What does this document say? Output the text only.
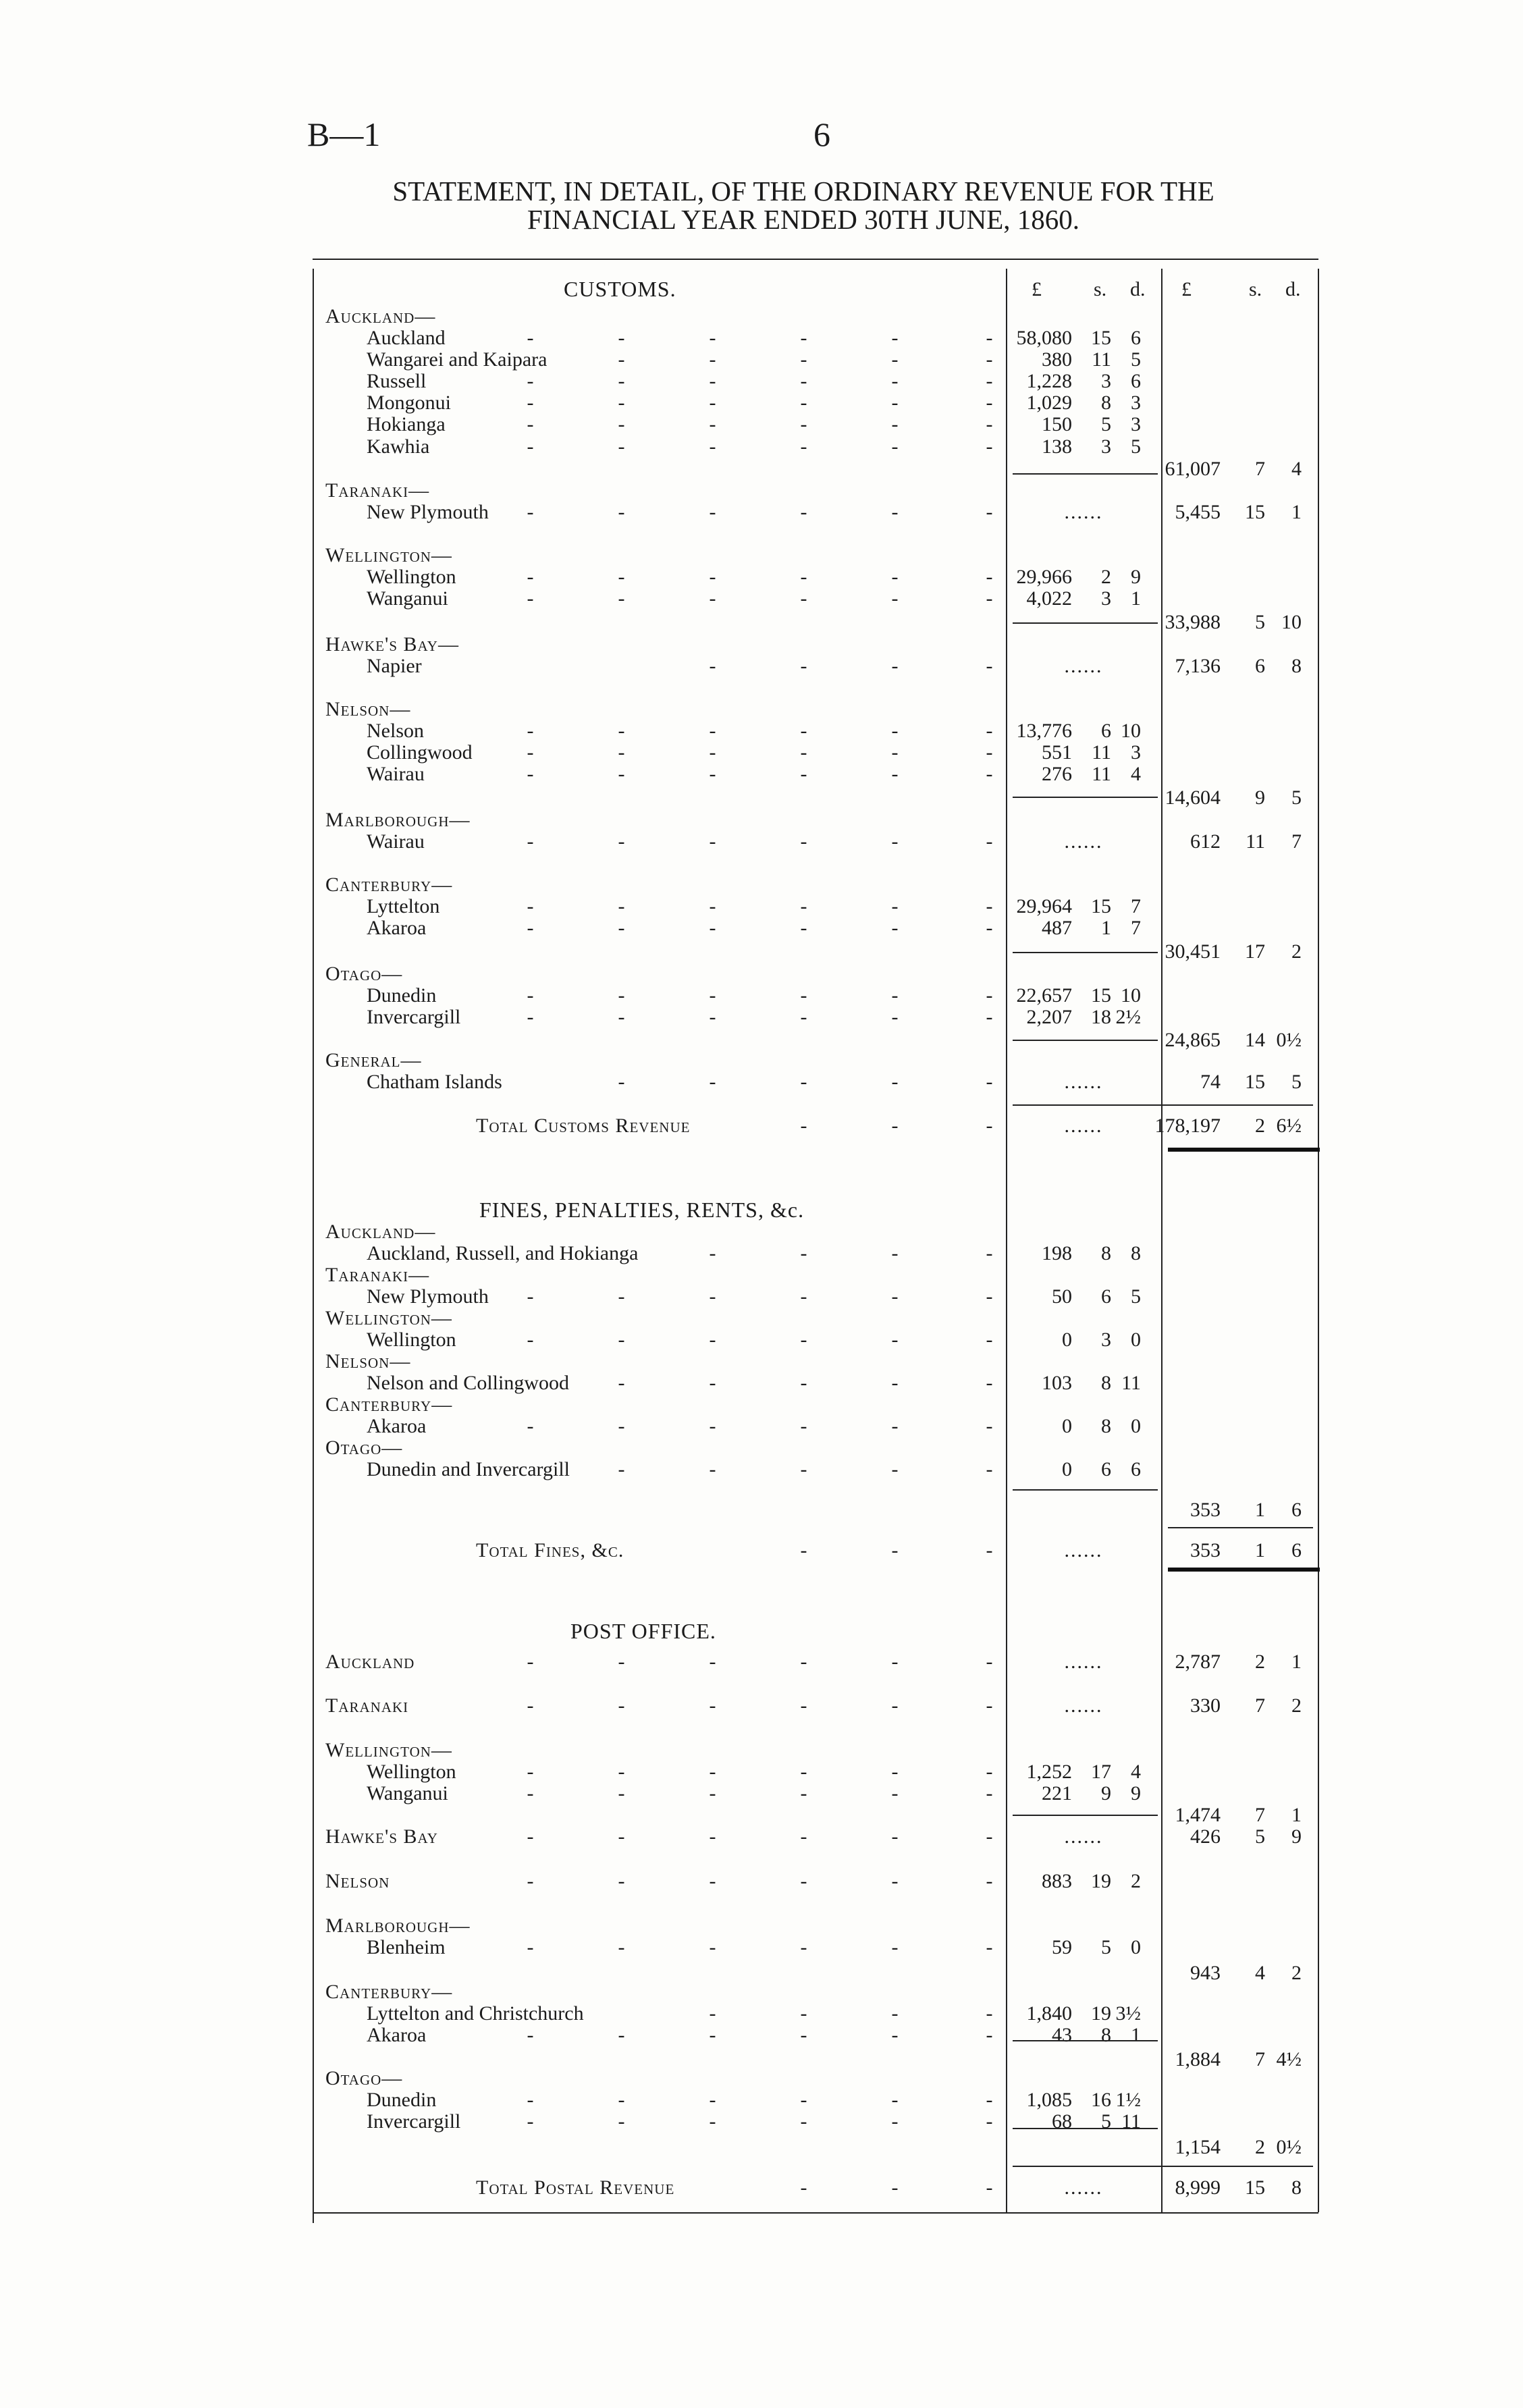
B—1	6
STATEMENT, IN DETAIL, OF THE ORDINARY REVENUE FOR THE
FINANCIAL YEAR ENDED 30TH JUNE, 1860.
£	s. d. £	s. d.
CUSTOMS.
FINES, PENALTIES, RENTS, &c.
POST OFFICE.
Auckland—
Auckland	-	-	-	-	-	- 58,080 15 6
Wangarei and Kaipara	-	-	-	-	- 380 11 5
Russell	-	-	-	-	-	- 1,228 3 6
Mongonui	-	-	-	-	-	- 1,029 8 3
Hokianga	-	-	-	-	-	- 150 5 3
Kawhia	-	-	-	-	-	- 138 3 5
61,007 7 4
Taranaki—
New Plymouth -	-	-	-	-	-	......	5,455 15 1
Wellington—
Wellington	-	-	-	-	-	- 29,966 2 9
Wanganui	-	-	-	-	-	- 4,022 3 1
33,988 5 10
Hawke's Bay—
Napier	-	-	-	-	......	7,136 6 8
Nelson—
Nelson	-	-	-	-	-	- 13,776 6 10
Collingwood	-	-	-	-	-	- 551 11 3
Wairau	-	-	-	-	-	- 276 11 4
14,604 9 5
Marlborough—
Wairau	-	-	-	-	-	-	......	612 11 7
Canterbury—
Lyttelton	-	-	-	-	-	- 29,964 15 7
Akaroa	-	-	-	-	-	- 487 1 7
30,451 17 2
Otago—
Dunedin	-	-	-	-	-	- 22,657 15 10
Invercargill	-	-	-	-	-	- 2,207 18 2½
24,865 14 0½
General—
Chatham Islands	-	-	-	-	-	......	74 15 5
Total Customs Revenue	-	-	-	......	178,197 2 6½
Auckland—
Auckland, Russell, and Hokianga	-	-	-	- 198 8 8
Taranaki—
New Plymouth -	-	-	-	-	-	50 6 5
Wellington—
Wellington	-	-	-	-	-	-	0 3 0
Nelson—
Nelson and Collingwood -	-	-	-	- 103 8 11
Canterbury—
Akaroa	-	-	-	-	-	-	0 8 0
Otago—
Dunedin and Invercargill -	-	-	-	-	0 6 6
353 1 6
Total Fines, &c.	-	-	-	......	353 1 6
Auckland	-	-	-	-	-	-	......	2,787 2 1
Taranaki	-	-	-	-	-	-	......	330 7 2
Wellington—
Wellington	-	-	-	-	-	- 1,252 17 4
Wanganui	-	-	-	-	-	- 221 9 9
1,474 7 1
Hawke's Bay	-	-	-	-	-	-	......	426 5 9
Nelson	-	-	-	-	-	- 883 19 2
Marlborough—
Blenheim	-	-	-	-	-	-	59 5 0
943 4 2
Canterbury—
Lyttelton and Christchurch	-	-	-	- 1,840 19 3½
Akaroa	-	-	-	-	-	-	43 8 1
1,884 7 4½
Otago—
Dunedin	-	-	-	-	-	- 1,085 16 1½
Invercargill	-	-	-	-	-	-	68 5 11
1,154 2 0½
Total Postal Revenue	-	-	-	......	8,999 15 8
